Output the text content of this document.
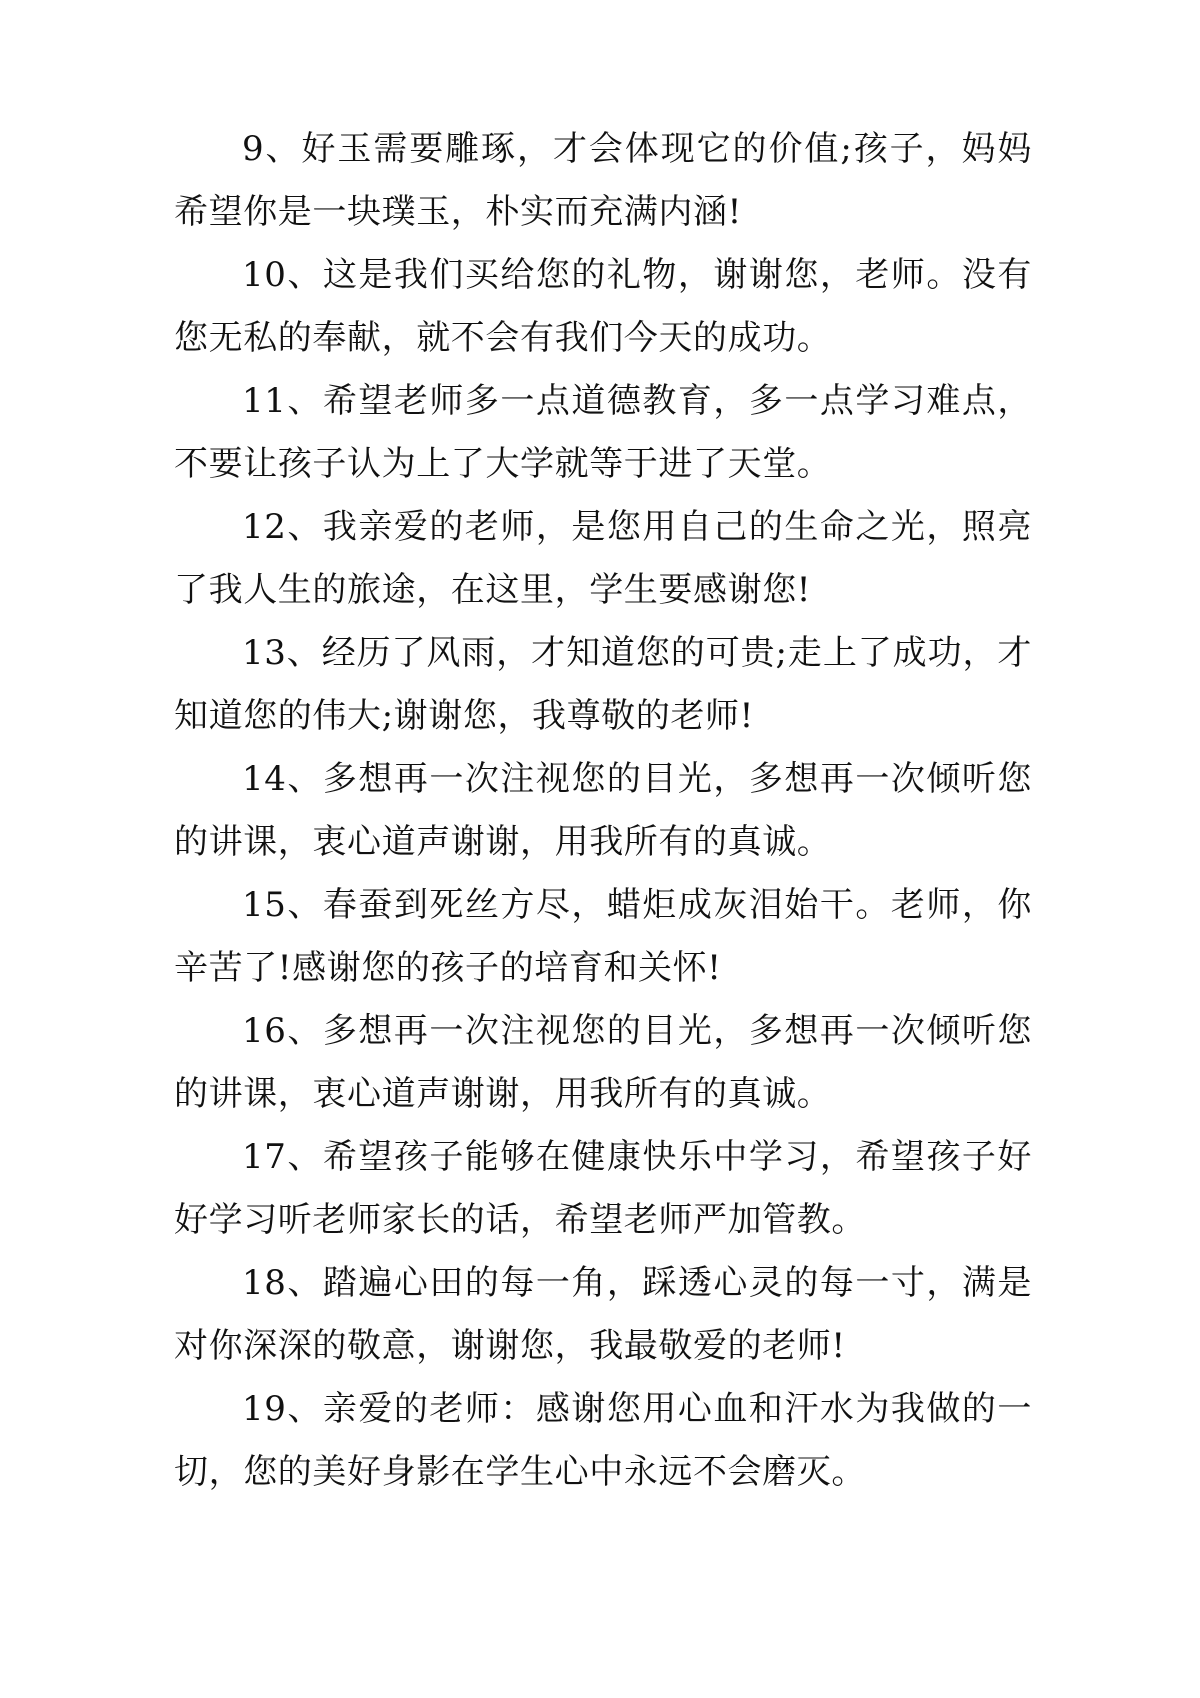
9、好玉需要雕琢，才会体现它的价值;孩子，妈妈希望你是一块璞玉，朴实而充满内涵!

10、这是我们买给您的礼物，谢谢您，老师。没有您无私的奉献，就不会有我们今天的成功。

11、希望老师多一点道德教育，多一点学习难点，不要让孩子认为上了大学就等于进了天堂。

12、我亲爱的老师，是您用自己的生命之光，照亮了我人生的旅途，在这里，学生要感谢您!

13、经历了风雨，才知道您的可贵;走上了成功，才知道您的伟大;谢谢您，我尊敬的老师!

14、多想再一次注视您的目光，多想再一次倾听您的讲课，衷心道声谢谢，用我所有的真诚。

15、春蚕到死丝方尽，蜡炬成灰泪始干。老师，你辛苦了!感谢您的孩子的培育和关怀!

16、多想再一次注视您的目光，多想再一次倾听您的讲课，衷心道声谢谢，用我所有的真诚。

17、希望孩子能够在健康快乐中学习，希望孩子好好学习听老师家长的话，希望老师严加管教。

18、踏遍心田的每一角，踩透心灵的每一寸，满是对你深深的敬意，谢谢您，我最敬爱的老师!

19、亲爱的老师：感谢您用心血和汗水为我做的一切，您的美好身影在学生心中永远不会磨灭。
